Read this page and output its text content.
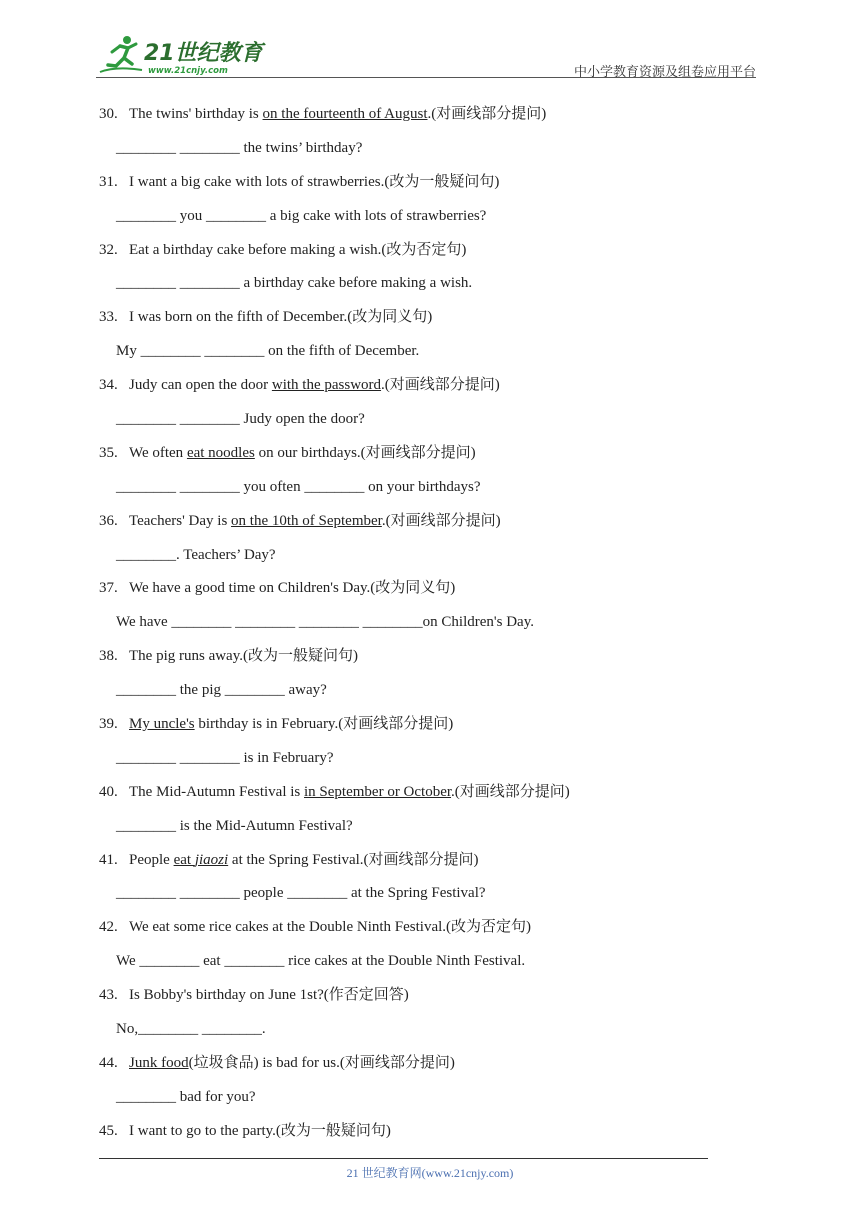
21世纪教育
www.21cnjy.com	中小学教育资源及组卷应用平台
30. The twins' birthday is on the fourteenth of August.(对画线部分提问)
________ ________ the twins’ birthday?
31. I want a big cake with lots of strawberries.(改为一般疑问句)
________ you ________ a big cake with lots of strawberries?
32. Eat a birthday cake before making a wish.(改为否定句)
________ ________ a birthday cake before making a wish.
33. I was born on the fifth of December.(改为同义句)
My ________ ________ on the fifth of December.
34. Judy can open the door with the password.(对画线部分提问)
________ ________ Judy open the door?
35. We often eat noodles on our birthdays.(对画线部分提问)
________ ________ you often ________ on your birthdays?
36. Teachers' Day is on the 10th of September.(对画线部分提问)
________. Teachers’ Day?
37. We have a good time on Children's Day.(改为同义句)
We have ________ ________ ________ ________on Children's Day.
38. The pig runs away.(改为一般疑问句)
________ the pig ________ away?
39. My uncle's birthday is in February.(对画线部分提问)
________ ________ is in February?
40. The Mid-Autumn Festival is in September or October.(对画线部分提问)
________ is the Mid-Autumn Festival?
41. People eat jiaozi at the Spring Festival.(对画线部分提问)
________ ________ people ________ at the Spring Festival?
42. We eat some rice cakes at the Double Ninth Festival.(改为否定句)
We ________ eat ________ rice cakes at the Double Ninth Festival.
43. Is Bobby's birthday on June 1st?(作否定回答)
No,________ ________.
44. Junk food(垃圾食品) is bad for us.(对画线部分提问)
________ bad for you?
45. I want to go to the party.(改为一般疑问句)
21 世纪教育网(www.21cnjy.com)
